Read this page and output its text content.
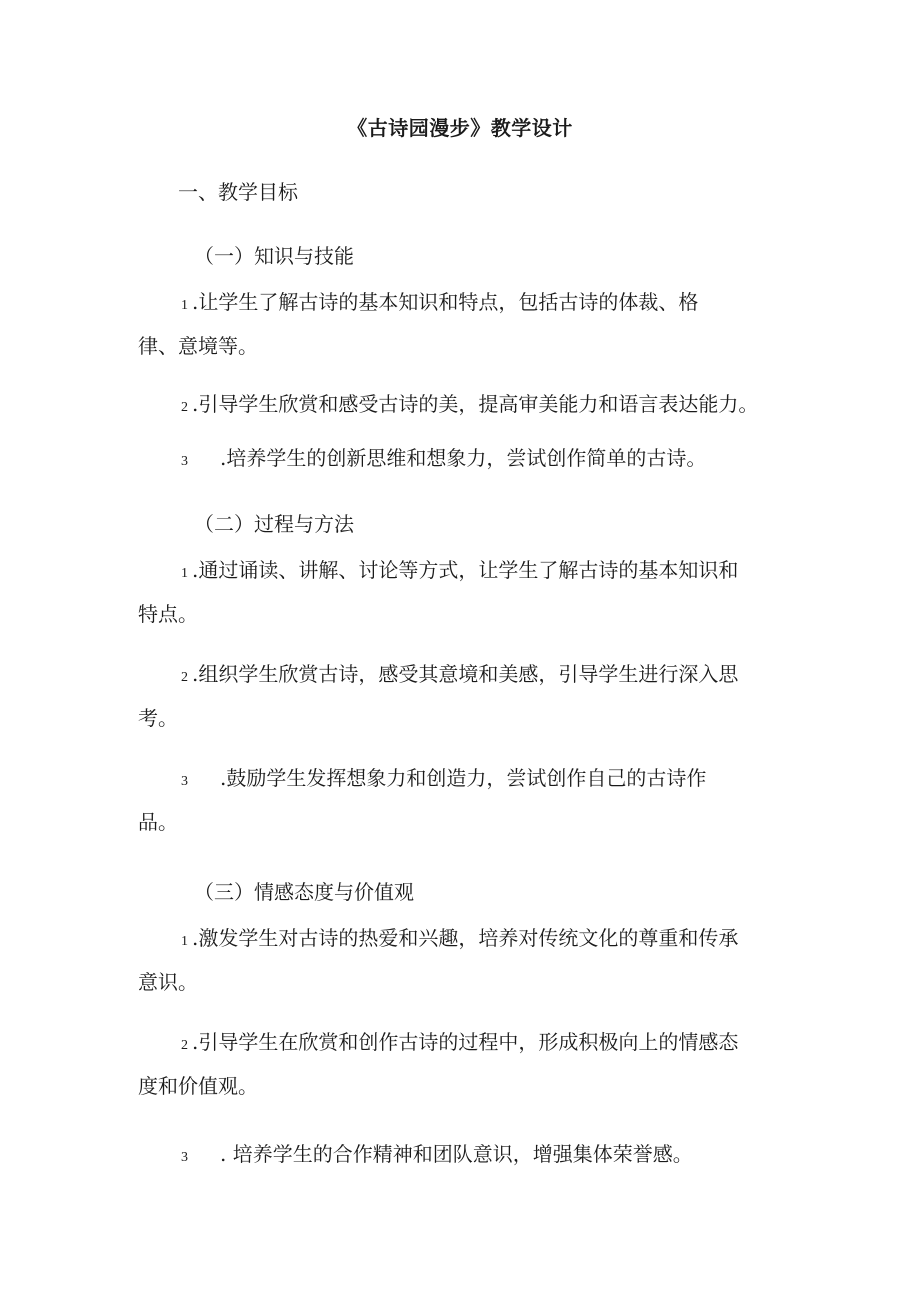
《古诗园漫步》教学设计
一、教学目标
（一）知识与技能
1 .让学生了解古诗的基本知识和特点，包括古诗的体裁、格
律、意境等。
2 .引导学生欣赏和感受古诗的美，提高审美能力和语言表达能力。
3 .培养学生的创新思维和想象力，尝试创作简单的古诗。
（二）过程与方法
1 .通过诵读、讲解、讨论等方式，让学生了解古诗的基本知识和
特点。
2 .组织学生欣赏古诗，感受其意境和美感，引导学生进行深入思
考。
3 .鼓励学生发挥想象力和创造力，尝试创作自己的古诗作
品。
（三）情感态度与价值观
1 .激发学生对古诗的热爱和兴趣，培养对传统文化的尊重和传承
意识。
2 .引导学生在欣赏和创作古诗的过程中，形成积极向上的情感态
度和价值观。
3 . 培养学生的合作精神和团队意识，增强集体荣誉感。
